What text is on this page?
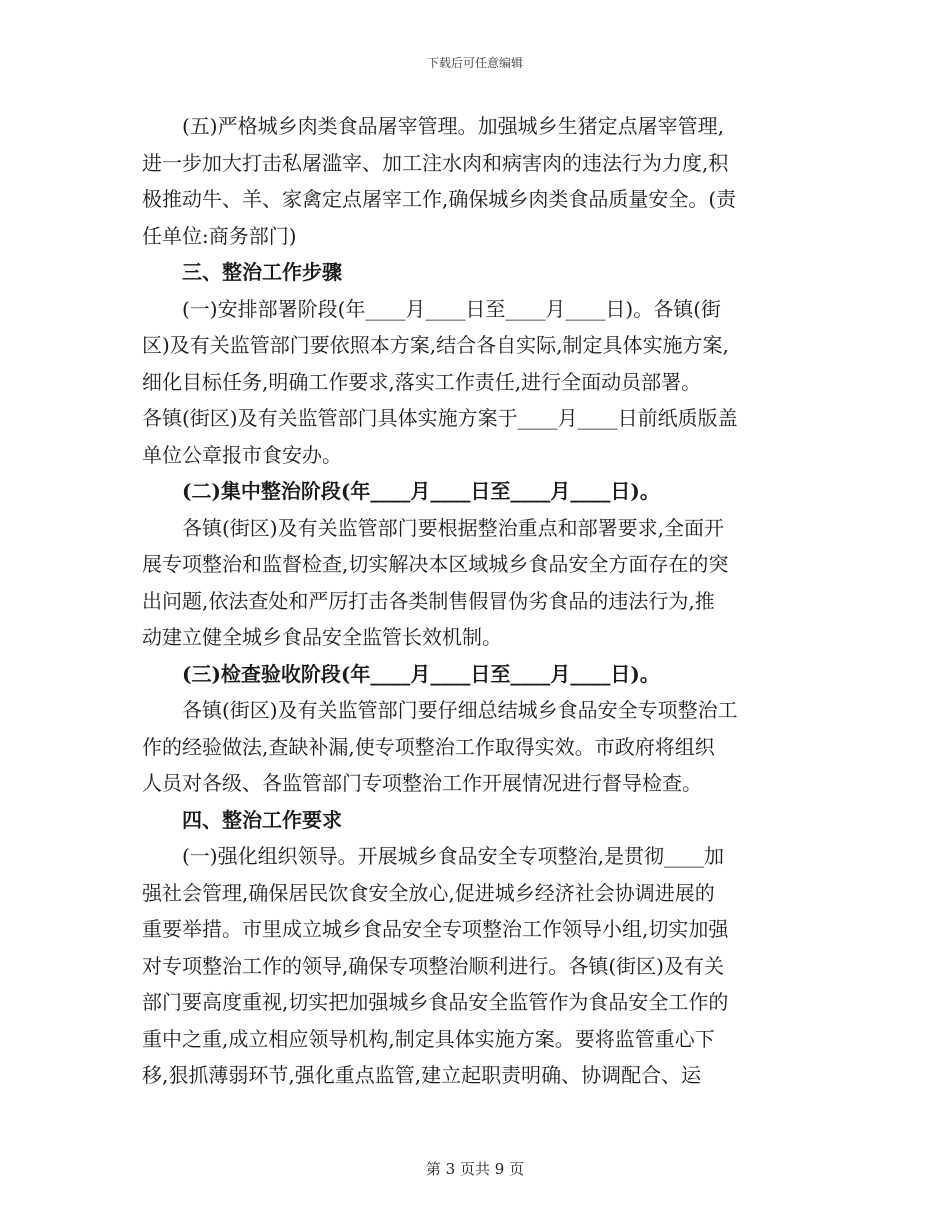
下载后可任意编辑
(五)严格城乡肉类食品屠宰管理。加强城乡生猪定点屠宰管理,
进一步加大打击私屠滥宰、加工注水肉和病害肉的违法行为力度,积
极推动牛、羊、家禽定点屠宰工作,确保城乡肉类食品质量安全。(责
任单位:商务部门)
三、整治工作步骤
(一)安排部署阶段(年____月____日至____月____日)。各镇(街
区)及有关监管部门要依照本方案,结合各自实际,制定具体实施方案,
细化目标任务,明确工作要求,落实工作责任,进行全面动员部署。
各镇(街区)及有关监管部门具体实施方案于____月____日前纸质版盖
单位公章报市食安办。
(二)集中整治阶段(年____月____日至____月____日)。
各镇(街区)及有关监管部门要根据整治重点和部署要求,全面开
展专项整治和监督检查,切实解决本区域城乡食品安全方面存在的突
出问题,依法查处和严厉打击各类制售假冒伪劣食品的违法行为,推
动建立健全城乡食品安全监管长效机制。
(三)检查验收阶段(年____月____日至____月____日)。
各镇(街区)及有关监管部门要仔细总结城乡食品安全专项整治工
作的经验做法,查缺补漏,使专项整治工作取得实效。市政府将组织
人员对各级、各监管部门专项整治工作开展情况进行督导检查。
四、整治工作要求
(一)强化组织领导。开展城乡食品安全专项整治,是贯彻____加
强社会管理,确保居民饮食安全放心,促进城乡经济社会协调进展的
重要举措。市里成立城乡食品安全专项整治工作领导小组,切实加强
对专项整治工作的领导,确保专项整治顺利进行。各镇(街区)及有关
部门要高度重视,切实把加强城乡食品安全监管作为食品安全工作的
重中之重,成立相应领导机构,制定具体实施方案。要将监管重心下
移,狠抓薄弱环节,强化重点监管,建立起职责明确、协调配合、运
第 3 页共 9 页
